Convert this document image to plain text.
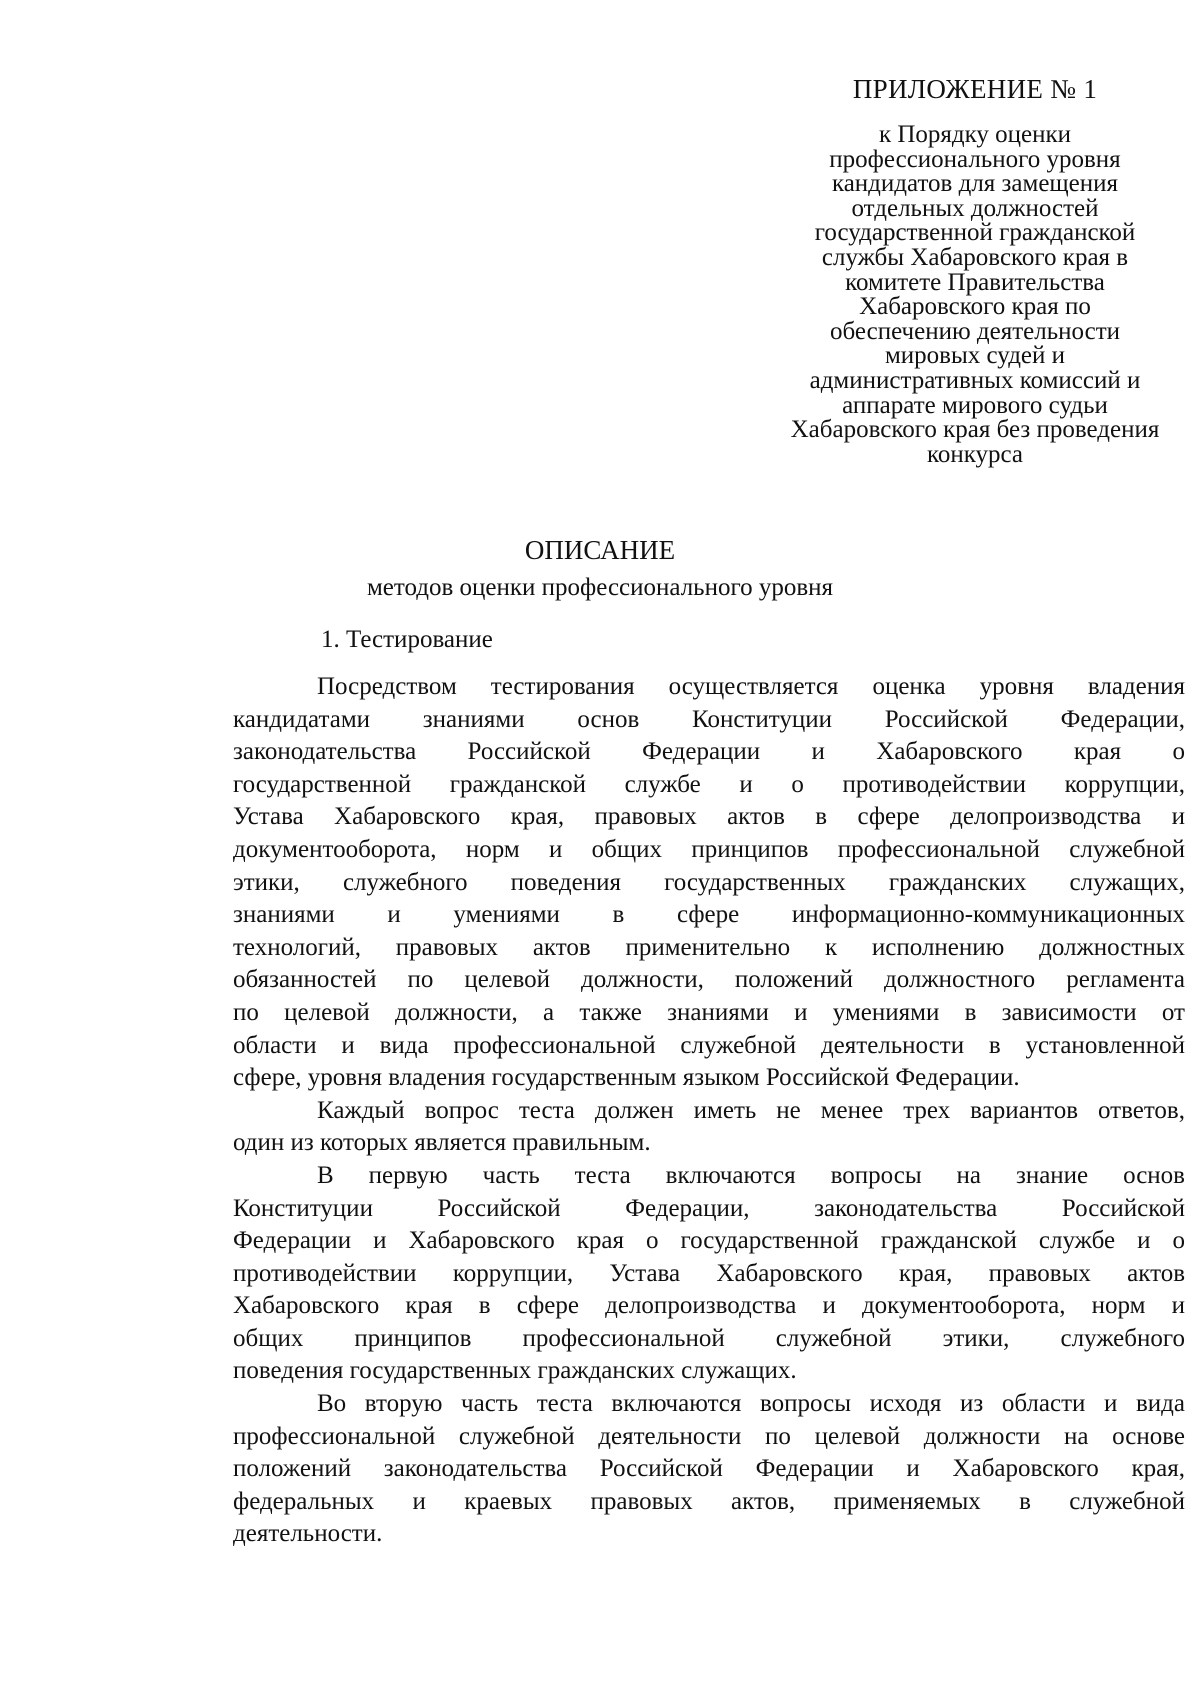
ПРИЛОЖЕНИЕ № 1
к Порядку оценки
профессионального уровня
кандидатов для замещения
отдельных должностей
государственной гражданской
службы Хабаровского края в
комитете Правительства
Хабаровского края по
обеспечению деятельности
мировых судей и
административных комиссий и
аппарате мирового судьи
Хабаровского края без проведения
конкурса
ОПИСАНИЕ
методов оценки профессионального уровня
1. Тестирование

Посредством тестирования осуществляется оценка уровня владения
кандидатами знаниями основ Конституции Российской Федерации,
законодательства Российской Федерации и Хабаровского края о
государственной гражданской службе и о противодействии коррупции,
Устава Хабаровского края, правовых актов в сфере делопроизводства и
документооборота, норм и общих принципов профессиональной служебной
этики, служебного поведения государственных гражданских служащих,
знаниями и умениями в сфере информационно-коммуникационных
технологий, правовых актов применительно к исполнению должностных
обязанностей по целевой должности, положений должностного регламента
по целевой должности, а также знаниями и умениями в зависимости от
области и вида профессиональной служебной деятельности в установленной
сфере, уровня владения государственным языком Российской Федерации.

Каждый вопрос теста должен иметь не менее трех вариантов ответов,
один из которых является правильным.

В первую часть теста включаются вопросы на знание основ
Конституции Российской Федерации, законодательства Российской
Федерации и Хабаровского края о государственной гражданской службе и о
противодействии коррупции, Устава Хабаровского края, правовых актов
Хабаровского края в сфере делопроизводства и документооборота, норм и
общих принципов профессиональной служебной этики, служебного
поведения государственных гражданских служащих.

Во вторую часть теста включаются вопросы исходя из области и вида
профессиональной служебной деятельности по целевой должности на основе
положений законодательства Российской Федерации и Хабаровского края,
федеральных и краевых правовых актов, применяемых в служебной
деятельности.
